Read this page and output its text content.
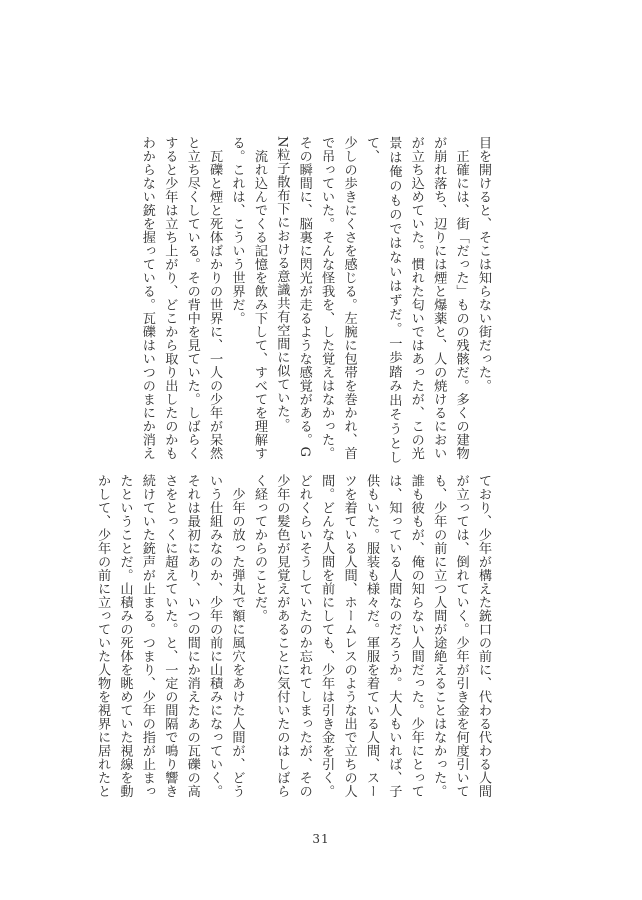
目を開けると、そこは知らない街だった。

　正確には、街「だった」ものの残骸だ。多くの建物

が崩れ落ち、辺りには煙と爆薬と、人の焼けるにおい

が立ち込めていた。慣れた匂いではあったが、この光

景は俺のものではないはずだ。一歩踏み出そうとして、

少しの歩きにくさを感じる。左腕に包帯を巻かれ、首

で吊っていた。そんな怪我を、した覚えはなかった。

その瞬間に、脳裏に閃光が走るような感覚がある。G

N粒子散布下における意識共有空間に似ていた。

　流れ込んでくる記憶を飲み下して、すべてを理解す

る。これは、こういう世界だ。

　瓦礫と煙と死体ばかりの世界に、一人の少年が呆然

と立ち尽くしている。その背中を見ていた。しばらく

すると少年は立ち上がり、どこから取り出したのかも

わからない銃を握っている。瓦礫はいつのまにか消え

ており、少年が構えた銃口の前に、代わる代わる人間

が立っては、倒れていく。少年が引き金を何度引いて

も、少年の前に立つ人間が途絶えることはなかった。

誰も彼もが、俺の知らない人間だった。少年にとって

は、知っている人間なのだろうか。大人もいれば、子

供もいた。服装も様々だ。軍服を着ている人間、スー

ツを着ている人間、ホームレスのような出で立ちの人

間。どんな人間を前にしても、少年は引き金を引く。

どれくらいそうしていたのか忘れてしまったが、その

少年の髪色が見覚えがあることに気付いたのはしばら

く経ってからのことだ。

　少年の放った弾丸で額に風穴をあけた人間が、どう

いう仕組みなのか、少年の前に山積みになっていく。

それは最初にあり、いつの間にか消えたあの瓦礫の高

さをとっくに超えていた。と、一定の間隔で鳴り響き

続けていた銃声が止まる。つまり、少年の指が止まっ

たということだ。山積みの死体を眺めていた視線を動

かして、少年の前に立っていた人物を視界に居れたと

31
